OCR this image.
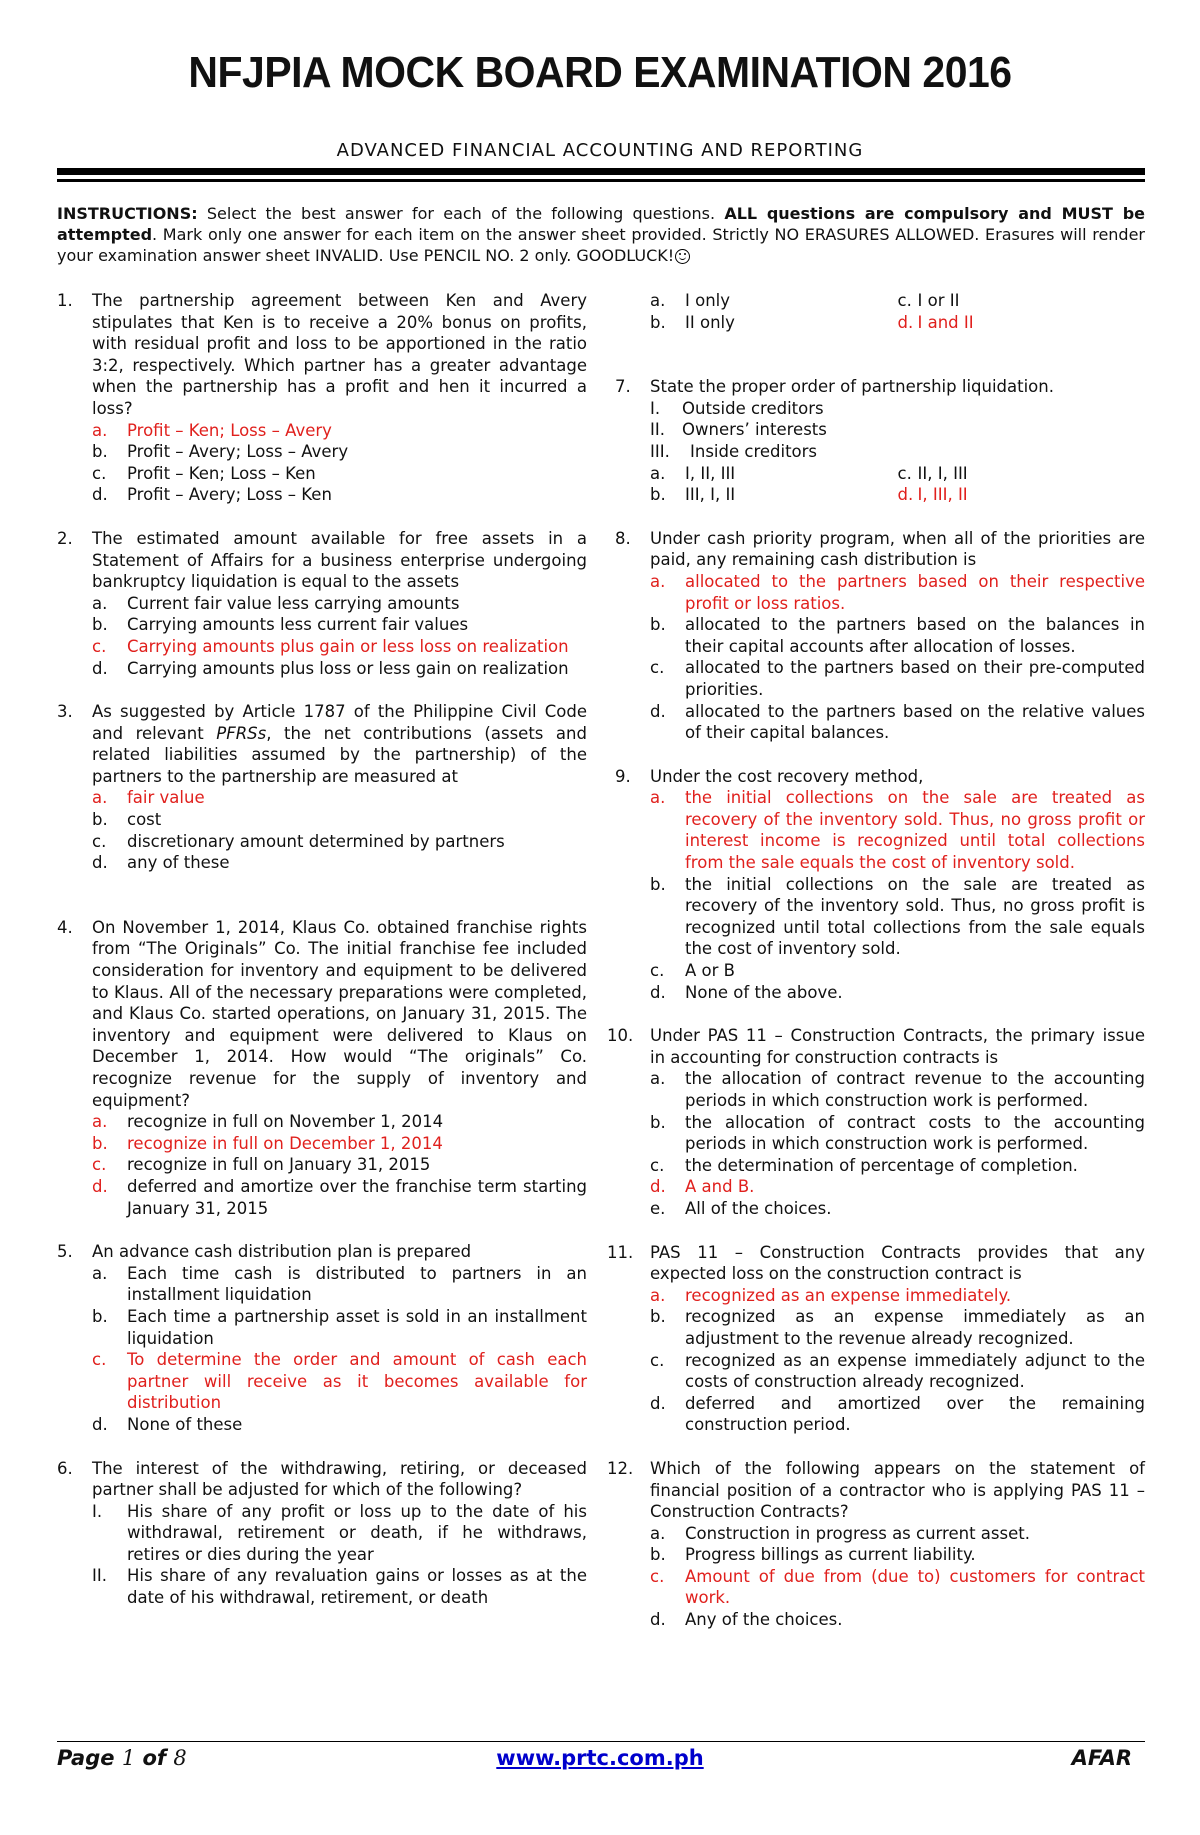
NFJPIA MOCK BOARD EXAMINATION 2016
ADVANCED FINANCIAL ACCOUNTING AND REPORTING
INSTRUCTIONS: Select the best answer for each of the following questions. ALL questions are compulsory and MUST be attempted. Mark only one answer for each item on the answer sheet provided. Strictly NO ERASURES ALLOWED. Erasures will render your examination answer sheet INVALID. Use PENCIL NO. 2 only. GOODLUCK!
1. The partnership agreement between Ken and Avery stipulates that Ken is to receive a 20% bonus on profits, with residual profit and loss to be apportioned in the ratio 3:2, respectively. Which partner has a greater advantage when the partnership has a profit and hen it incurred a loss?
a. Profit – Ken; Loss – Avery
b. Profit – Avery; Loss – Avery
c. Profit – Ken; Loss – Ken
d. Profit – Avery; Loss – Ken
2. The estimated amount available for free assets in a Statement of Affairs for a business enterprise undergoing bankruptcy liquidation is equal to the assets
a. Current fair value less carrying amounts
b. Carrying amounts less current fair values
c. Carrying amounts plus gain or less loss on realization
d. Carrying amounts plus loss or less gain on realization
3. As suggested by Article 1787 of the Philippine Civil Code and relevant PFRSs, the net contributions (assets and related liabilities assumed by the partnership) of the partners to the partnership are measured at
a. fair value
b. cost
c. discretionary amount determined by partners
d. any of these
4. On November 1, 2014, Klaus Co. obtained franchise rights from “The Originals” Co. The initial franchise fee included consideration for inventory and equipment to be delivered to Klaus. All of the necessary preparations were completed, and Klaus Co. started operations, on January 31, 2015. The inventory and equipment were delivered to Klaus on December 1, 2014. How would “The originals” Co. recognize revenue for the supply of inventory and equipment?
a. recognize in full on November 1, 2014
b. recognize in full on December 1, 2014
c. recognize in full on January 31, 2015
d. deferred and amortize over the franchise term starting January 31, 2015
5. An advance cash distribution plan is prepared
a. Each time cash is distributed to partners in an installment liquidation
b. Each time a partnership asset is sold in an installment liquidation
c. To determine the order and amount of cash each partner will receive as it becomes available for distribution
d. None of these
6. The interest of the withdrawing, retiring, or deceased partner shall be adjusted for which of the following?
I. His share of any profit or loss up to the date of his withdrawal, retirement or death, if he withdraws, retires or dies during the year
II. His share of any revaluation gains or losses as at the date of his withdrawal, retirement, or death
a. I only	c. I or II
b. II only	d. I and II
7. State the proper order of partnership liquidation.
I. Outside creditors
II. Owners’ interests
III. Inside creditors
a. I, II, III	c. II, I, III
b. III, I, II	d. I, III, II
8. Under cash priority program, when all of the priorities are paid, any remaining cash distribution is
a. allocated to the partners based on their respective profit or loss ratios.
b. allocated to the partners based on the balances in their capital accounts after allocation of losses.
c. allocated to the partners based on their pre-computed priorities.
d. allocated to the partners based on the relative values of their capital balances.
9. Under the cost recovery method,
a. the initial collections on the sale are treated as recovery of the inventory sold. Thus, no gross profit or interest income is recognized until total collections from the sale equals the cost of inventory sold.
b. the initial collections on the sale are treated as recovery of the inventory sold. Thus, no gross profit is recognized until total collections from the sale equals the cost of inventory sold.
c. A or B
d. None of the above.
10. Under PAS 11 – Construction Contracts, the primary issue in accounting for construction contracts is
a. the allocation of contract revenue to the accounting periods in which construction work is performed.
b. the allocation of contract costs to the accounting periods in which construction work is performed.
c. the determination of percentage of completion.
d. A and B.
e. All of the choices.
11. PAS 11 – Construction Contracts provides that any expected loss on the construction contract is
a. recognized as an expense immediately.
b. recognized as an expense immediately as an adjustment to the revenue already recognized.
c. recognized as an expense immediately adjunct to the costs of construction already recognized.
d. deferred and amortized over the remaining construction period.
12. Which of the following appears on the statement of financial position of a contractor who is applying PAS 11 – Construction Contracts?
a. Construction in progress as current asset.
b. Progress billings as current liability.
c. Amount of due from (due to) customers for contract work.
d. Any of the choices.
Page 1 of 8	www.prtc.com.ph	AFAR
